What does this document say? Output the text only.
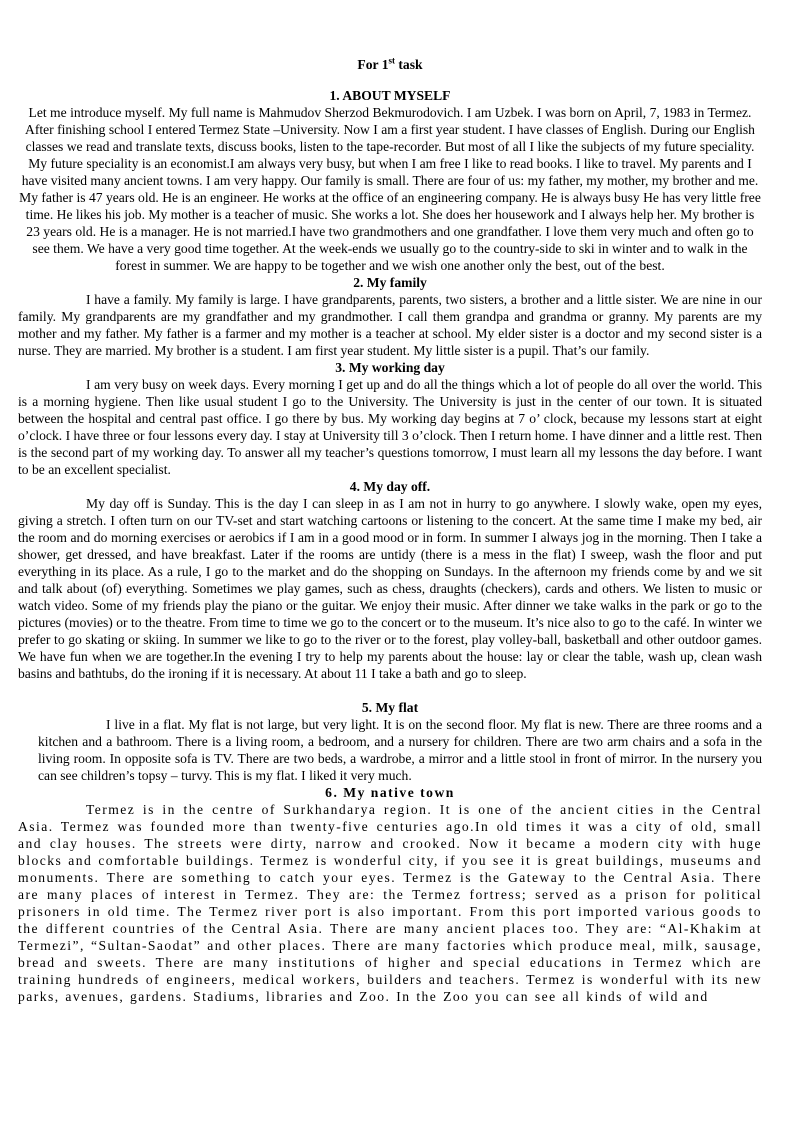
For 1st task
1. ABOUT MYSELF

Let me introduce myself. My full name is Mahmudov Sherzod Bekmurodovich. I am Uzbek. I was born on April, 7, 1983 in Termez. After finishing school I entered Termez State –University. Now I am a first year student. I have classes of English. During our English classes we read and translate texts, discuss books, listen to the tape-recorder. But most of all I like the subjects of my future speciality. My future speciality is an economist.I am always very busy, but when I am free I like to read books. I like to travel. My parents and I have visited many ancient towns. I am very happy. Our family is small. There are four of us: my father, my mother, my brother and me. My father is 47 years old. He is an engineer. He works at the office of an engineering company. He is always busy He has very little free time. He likes his job. My mother is a teacher of music. She works a lot. She does her housework and I always help her. My brother is 23 years old. He is a manager. He is not married.I have two grandmothers and one grandfather. I love them very much and often go to see them. We have a very good time together. At the week-ends we usually go to the country-side to ski in winter and to walk in the forest in summer. We are happy to be together and we wish one another only the best, out of the best.

2. My family

I have a family. My family is large. I have grandparents, parents, two sisters, a brother and a little sister. We are nine in our family. My grandparents are my grandfather and my grandmother. I call them grandpa and grandma or granny. My parents are my mother and my father. My father is a farmer and my mother is a teacher at school. My elder sister is a doctor and my second sister is a nurse. They are married. My brother is a student. I am first year student. My little sister is a pupil. That’s our family.

3. My working day

I am very busy on week days. Every morning I get up and do all the things which a lot of people do all over the world. This is a morning hygiene. Then like usual student I go to the University. The University is just in the center of our town. It is situated between the hospital and central past office. I go there by bus. My working day begins at 7 o’ clock, because my lessons start at eight o’clock. I have three or four lessons every day. I stay at University till 3 o’clock. Then I return home. I have dinner and a little rest. Then is the second part of my working day. To answer all my teacher’s questions tomorrow, I must learn all my lessons the day before. I want to be an excellent specialist.

4. My day off.

My day off is Sunday. This is the day I can sleep in as I am not in hurry to go anywhere. I slowly wake, open my eyes, giving a stretch. I often turn on our TV-set and start watching cartoons or listening to the concert. At the same time I make my bed, air the room and do morning exercises or aerobics if I am in a good mood or in form. In summer I always jog in the morning. Then I take a shower, get dressed, and have breakfast. Later if the rooms are untidy (there is a mess in the flat) I sweep, wash the floor and put everything in its place. As a rule, I go to the market and do the shopping on Sundays. In the afternoon my friends come by and we sit and talk about (of) everything. Sometimes we play games, such as chess, draughts (checkers), cards and others. We listen to music or watch video. Some of my friends play the piano or the guitar. We enjoy their music. After dinner we take walks in the park or go to the pictures (movies) or to the theatre. From time to time we go to the concert or to the museum. It’s nice also to go to the café. In winter we prefer to go skating or skiing. In summer we like to go to the river or to the forest, play volley-ball, basketball and other outdoor games. We have fun when we are together.In the evening I try to help my parents about the house: lay or clear the table, wash up, clean wash basins and bathtubs, do the ironing if it is necessary. At about 11 I take a bath and go to sleep.

5. My flat

I live in a flat. My flat is not large, but very light. It is on the second floor. My flat is new. There are three rooms and a kitchen and a bathroom. There is a living room, a bedroom, and a nursery for children. There are two arm chairs and a sofa in the living room. In opposite sofa is TV. There are two beds, a wardrobe, a mirror and a little stool in front of mirror. In the nursery you can see children’s topsy – turvy. This is my flat. I liked it very much.

6. My native town

Termez is in the centre of Surkhandarya region. It is one of the ancient cities in the Central Asia. Termez was founded more than twenty-five centuries ago.In old times it was a city of old, small and clay houses. The streets were dirty, narrow and crooked. Now it became a modern city with huge blocks and comfortable buildings. Termez is wonderful city, if you see it is great buildings, museums and monuments. There are something to catch your eyes. Termez is the Gateway to the Central Asia. There are many places of interest in Termez. They are: the Termez fortress; served as a prison for political prisoners in old time. The Termez river port is also important. From this port imported various goods to the different countries of the Central Asia. There are many ancient places too. They are: “Al-Khakim at Termezi”, “Sultan-Saodat” and other places. There are many factories which produce meal, milk, sausage, bread and sweets. There are many institutions of higher and special educations in Termez which are training hundreds of engineers, medical workers, builders and teachers. Termez is wonderful with its new parks, avenues, gardens. Stadiums, libraries and Zoo. In the Zoo you can see all kinds of wild and
